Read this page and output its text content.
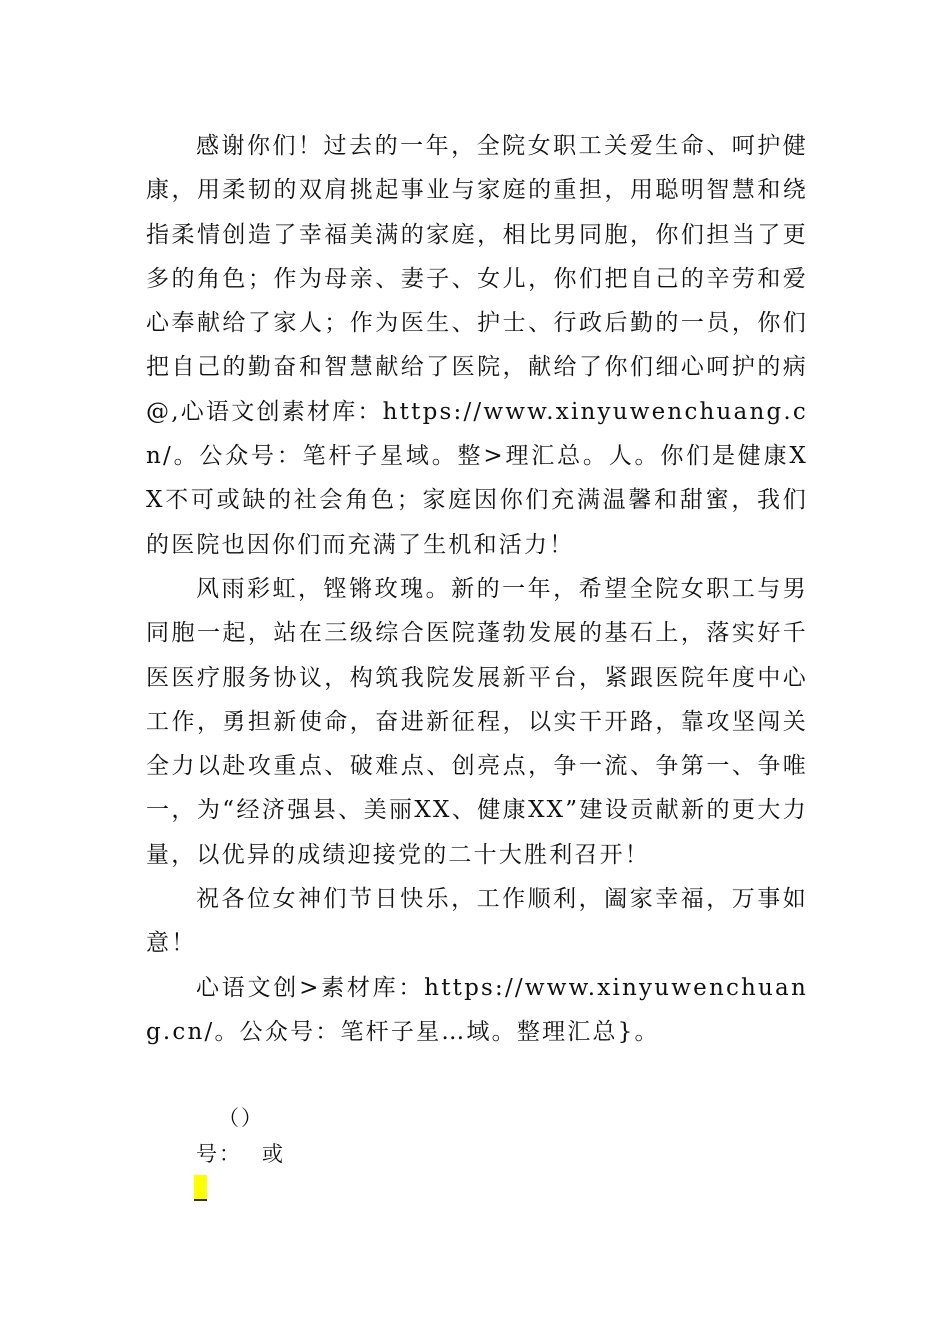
感谢你们！过去的一年，全院女职工关爱生命、呵护健康，用柔韧的双肩挑起事业与家庭的重担，用聪明智慧和绕指柔情创造了幸福美满的家庭，相比男同胞，你们担当了更多的角色；作为母亲、妻子、女儿，你们把自己的辛劳和爱心奉献给了家人；作为医生、护士、行政后勤的一员，你们把自己的勤奋和智慧献给了医院，献给了你们细心呵护的病@,心语文创素材库：https://www.xinyuwenchuang.cn/。公众号：笔杆子星域。整>理汇总。人。你们是健康XX不可或缺的社会角色；家庭因你们充满温馨和甜蜜，我们的医院也因你们而充满了生机和活力！

风雨彩虹，铿锵玫瑰。新的一年，希望全院女职工与男同胞一起，站在三级综合医院蓬勃发展的基石上，落实好千医医疗服务协议，构筑我院发展新平台，紧跟医院年度中心工作，勇担新使命，奋进新征程，以实干开路，靠攻坚闯关全力以赴攻重点、破难点、创亮点，争一流、争第一、争唯一，为“经济强县、美丽XX、健康XX”建设贡献新的更大力量，以优异的成绩迎接党的二十大胜利召开！

祝各位女神们节日快乐，工作顺利，阖家幸福，万事如意！

心语文创>素材库：https://www.xinyuwenchuang.cn/。公众号：笔杆子星…域。整理汇总}。

（）
号： 或
